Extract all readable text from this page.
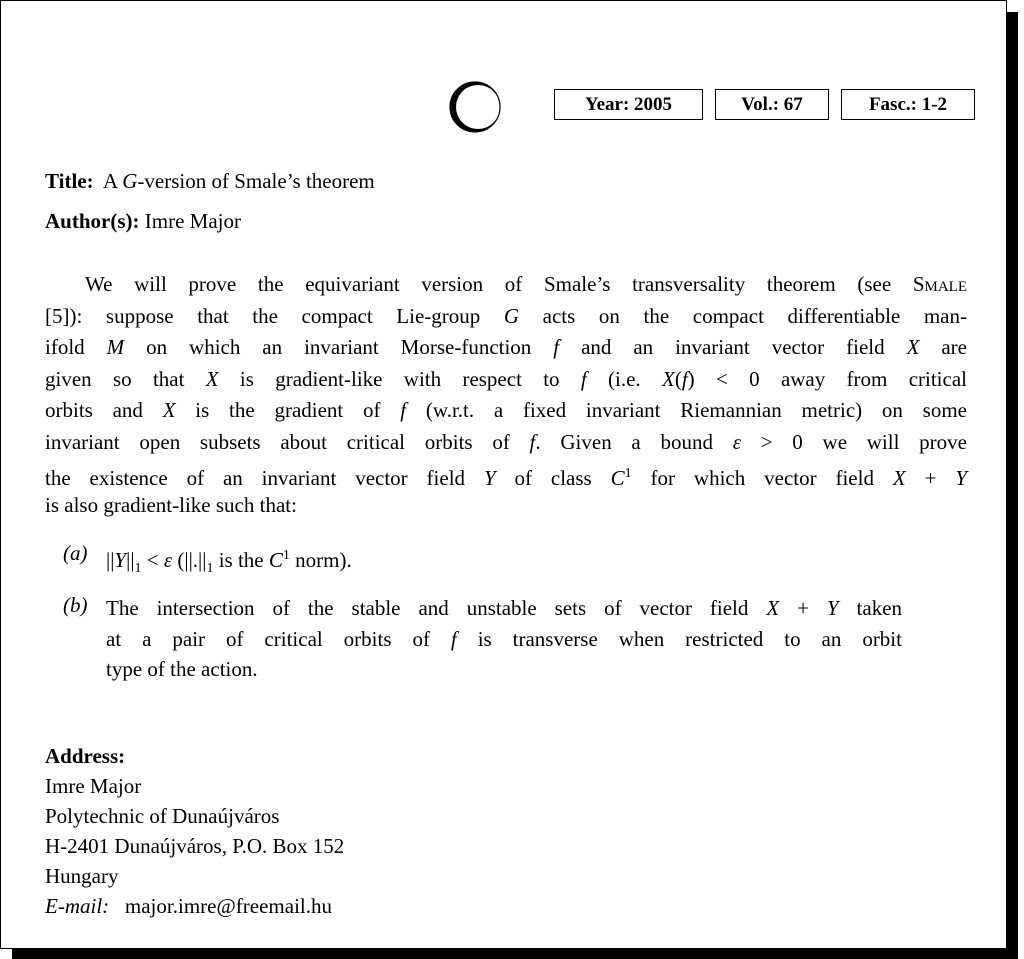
Year: 2005	Vol.: 67	Fasc.: 1-2
Title: A G-version of Smale’s theorem
Author(s): Imre Major
We will prove the equivariant version of Smale’s transversality theorem (see Smale
[5]): suppose that the compact Lie-group G acts on the compact differentiable man-
ifold M on which an invariant Morse-function f and an invariant vector field X are
given so that X is gradient-like with respect to f (i.e. X(f) < 0 away from critical
orbits and X is the gradient of f (w.r.t. a fixed invariant Riemannian metric) on some
invariant open subsets about critical orbits of f. Given a bound ε > 0 we will prove
the existence of an invariant vector field Y of class $C^1$ for which vector field X + Y
is also gradient-like such that:
(a) $||Y||_1 < \varepsilon$ ($||.||_1$ is the $C^1$ norm).
(b) The intersection of the stable and unstable sets of vector field X + Y taken
at a pair of critical orbits of f is transverse when restricted to an orbit
type of the action.
Address:
Imre Major
Polytechnic of Dunaújváros
H-2401 Dunaújváros, P.O. Box 152
Hungary
E-mail: major.imre@freemail.hu
